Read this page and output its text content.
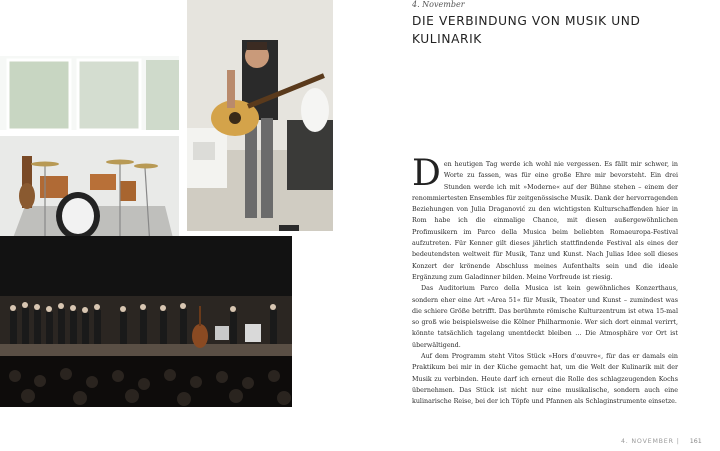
4. November
DIE VERBINDUNG VON MUSIK UND KULINARIK

Den heutigen Tag werde ich wohl nie vergessen. Es fällt mir schwer, in Worte zu fassen, was für eine große Ehre mir bevorsteht. Ein drei Stunden werde ich mit »Moderne« auf der Bühne stehen – einem der renommiertesten Ensembles für zeitgenössische Musik. Dank der hervorragenden Beziehungen von Julia Draganović zu den wichtigsten Kulturschaffenden hier in Rom habe ich die einmalige Chance, mit diesen außergewöhnlichen Profimusikern im Parco della Musica beim beliebten Romaeuropa-Festival aufzutreten. Für Kenner gilt dieses jährlich stattfindende Festival als eines der bedeutendsten weltweit für Musik, Tanz und Kunst. Nach Julias Idee soll dieses Konzert der krönende Abschluss meines Aufenthalts sein und die ideale Ergänzung zum Galadinner bilden. Meine Vorfreude ist riesig.

Das Auditorium Parco della Musica ist kein gewöhnliches Konzerthaus, sondern eher eine Art »Area 51« für Musik, Theater und Kunst – zumindest was die schiere Größe betrifft. Das berühmte römische Kulturzentrum ist etwa 15-mal so groß wie beispielsweise die Kölner Philharmonie. Wer sich dort einmal verirrt, könnte tatsächlich tagelang unentdeckt bleiben … Die Atmosphäre vor Ort ist überwältigend.

Auf dem Programm steht Vitos Stück »Hors d'œuvre«, für das er damals ein Praktikum bei mir in der Küche gemacht hat, um die Welt der Kulinarik mit der Musik zu verbinden. Heute darf ich erneut die Rolle des schlagzeugenden Kochs übernehmen. Das Stück ist nicht nur eine musikalische, sondern auch eine kulinarische Reise, bei der ich Töpfe und Pfannen als Schlaginstrumente einsetze.

4. NOVEMBER | 161
